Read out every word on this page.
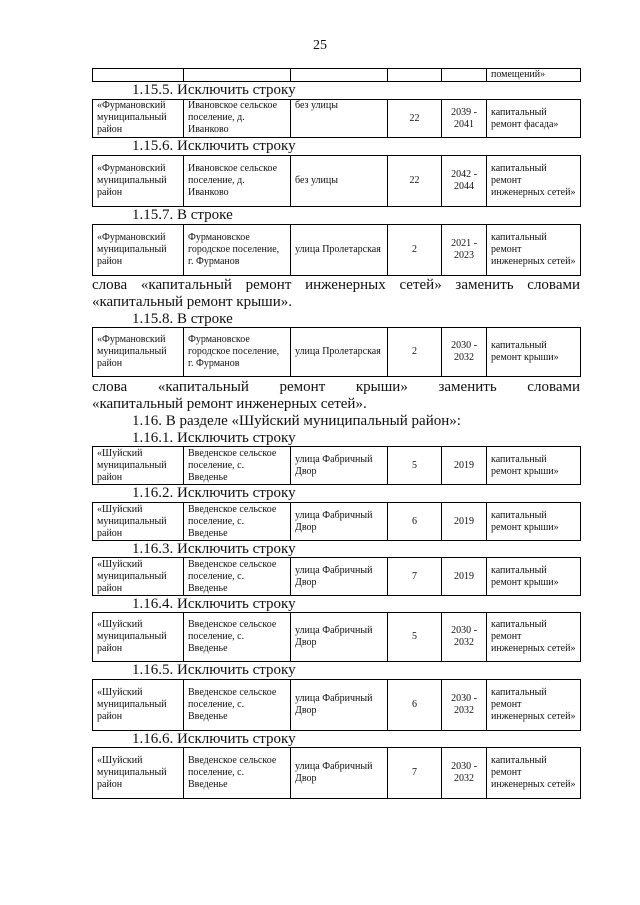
25
					помещений»
1.15.5. Исключить строку
«Фурмановский муниципальный район	Ивановское сельское поселение, д. Иванково	без улицы	22	2039 - 2041	капитальный ремонт фасада»
1.15.6. Исключить строку
«Фурмановский муниципальный район	Ивановское сельское поселение, д. Иванково	без улицы	22	2042 - 2044	капитальный ремонт инженерных сетей»
1.15.7. В строке
«Фурмановский муниципальный район	Фурмановское городское поселение, г. Фурманов	улица Пролетарская	2	2021 - 2023	капитальный ремонт инженерных сетей»
слова «капитальный ремонт инженерных сетей» заменить словами
«капитальный ремонт крыши».
1.15.8. В строке
«Фурмановский муниципальный район	Фурмановское городское поселение, г. Фурманов	улица Пролетарская	2	2030 - 2032	капитальный ремонт крыши»
слова «капитальный ремонт крыши» заменить словами
«капитальный ремонт инженерных сетей».
1.16. В разделе «Шуйский муниципальный район»:
1.16.1. Исключить строку
«Шуйский муниципальный район	Введенское сельское поселение, с. Введенье	улица Фабричный Двор	5	2019	капитальный ремонт крыши»
1.16.2. Исключить строку
«Шуйский муниципальный район	Введенское сельское поселение, с. Введенье	улица Фабричный Двор	6	2019	капитальный ремонт крыши»
1.16.3. Исключить строку
«Шуйский муниципальный район	Введенское сельское поселение, с. Введенье	улица Фабричный Двор	7	2019	капитальный ремонт крыши»
1.16.4. Исключить строку
«Шуйский муниципальный район	Введенское сельское поселение, с. Введенье	улица Фабричный Двор	5	2030 - 2032	капитальный ремонт инженерных сетей»
1.16.5. Исключить строку
«Шуйский муниципальный район	Введенское сельское поселение, с. Введенье	улица Фабричный Двор	6	2030 - 2032	капитальный ремонт инженерных сетей»
1.16.6. Исключить строку
«Шуйский муниципальный район	Введенское сельское поселение, с. Введенье	улица Фабричный Двор	7	2030 - 2032	капитальный ремонт инженерных сетей»
